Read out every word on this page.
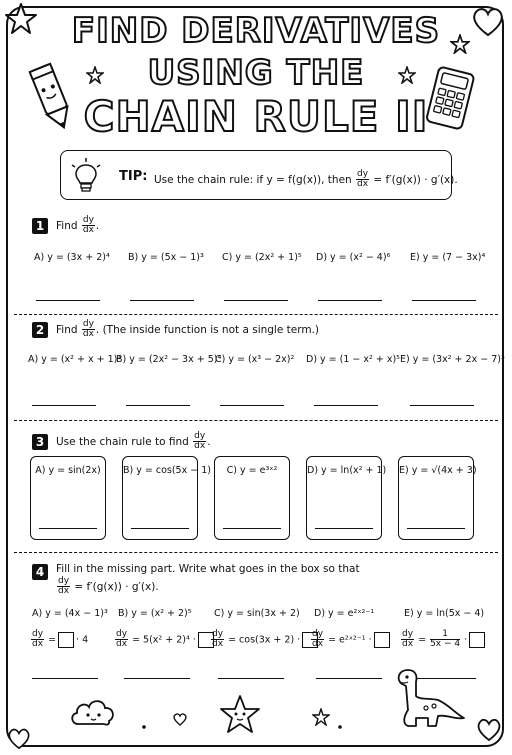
FIND DERIVATIVES
USING THE
CHAIN RULE II
TIP: Use the chain rule: if y = f(g(x)), then $\frac{dy}{dx} = f'(g(x)) \cdot g'(x)$.
1	Find $\frac{dy}{dx}$ .
A) y = (3x + 2)⁴ B) y = (5x − 1)³ C) y = (2x² + 1)⁵ D) y = (x² − 4)⁶ E) y = (7 − 3x)⁴
2	Find $\frac{dy}{dx}$ . (The inside function is not a single term.)
A) y = (x² + x + 1)³
B) y = (2x² − 3x + 5)⁴
C) y = (x³ − 2x)² D) y = (1 − x² + x)⁵ E) y = (3x² + 2x − 7)³
3	Use the chain rule to find $\frac{dy}{dx}$ .
A) y = sin(2x)	B) y = cos(5x − 1)	C) y = e³ˣ²	D) y = ln(x² + 1) E) y = √(4x + 3)
4	Fill in the missing part. Write what goes in the box so that
$\frac{dy}{dx} = f'(g(x)) \cdot g'(x)$.
A) y = (4x − 1)³ B) y = (x² + 2)⁵ C) y = sin(3x + 2) D) y = e²ˣ²⁻¹	E) y = ln(5x − 4)
$\frac{dy}{dx}$ = · 4	$\frac{dy}{dx} = 5(x^2 + 2)^4$ ·	$\frac{dy}{dx} = \cos(3x + 2)$ ·	$\frac{dy}{dx}$ = e²ˣ²⁻¹ ·	$\frac{dy}{dx} = \frac{1}{5x - 4}$ ·
